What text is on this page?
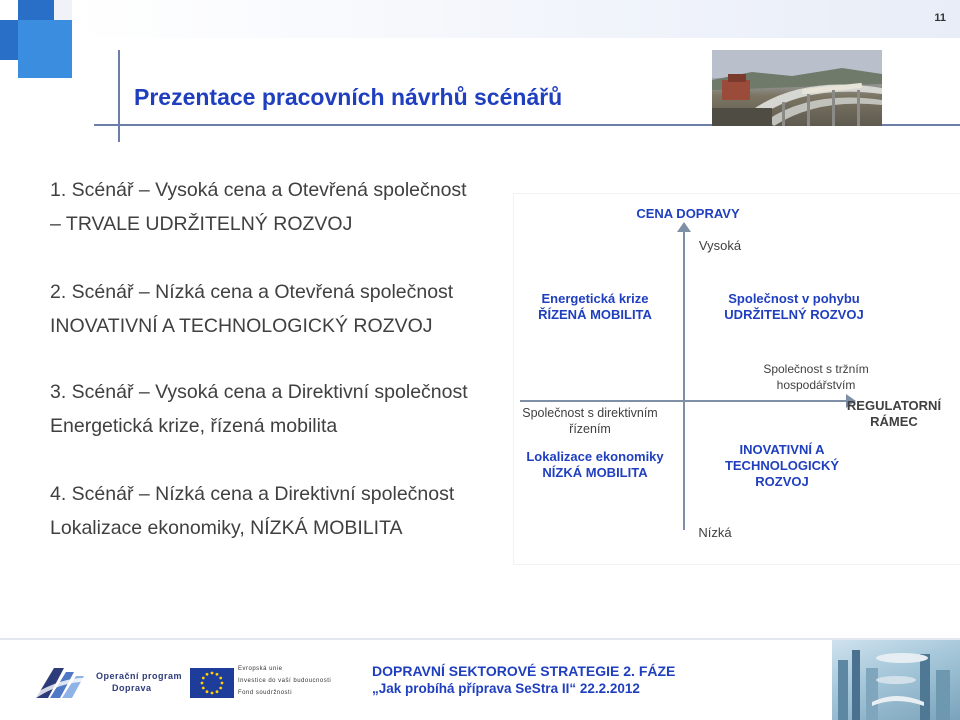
11
Prezentace pracovních návrhů scénářů
1. Scénář – Vysoká cena a Otevřená společnost
– TRVALE UDRŽITELNÝ ROZVOJ
2. Scénář – Nízká cena a Otevřená společnost
INOVATIVNÍ A TECHNOLOGICKÝ ROZVOJ
3. Scénář – Vysoká cena a Direktivní společnost
Energetická krize, řízená mobilita
4. Scénář – Nízká cena a Direktivní společnost
Lokalizace ekonomiky, NÍZKÁ MOBILITA
CENA DOPRAVY
Vysoká
Energetická krize
ŘÍZENÁ MOBILITA
Společnost v pohybu
UDRŽITELNÝ ROZVOJ
Společnost s tržním
hospodářstvím
REGULATORNÍ
RÁMEC
Společnost s direktivním
řízením
Lokalizace ekonomiky
NÍZKÁ MOBILITA
INOVATIVNÍ A
TECHNOLOGICKÝ
ROZVOJ
Nízká
Operační program
Doprava
Evropská unie
Investice do vaší budoucnosti
Fond soudržnosti
DOPRAVNÍ SEKTOROVÉ STRATEGIE 2. FÁZE
„Jak probíhá příprava SeStra II“ 22.2.2012
